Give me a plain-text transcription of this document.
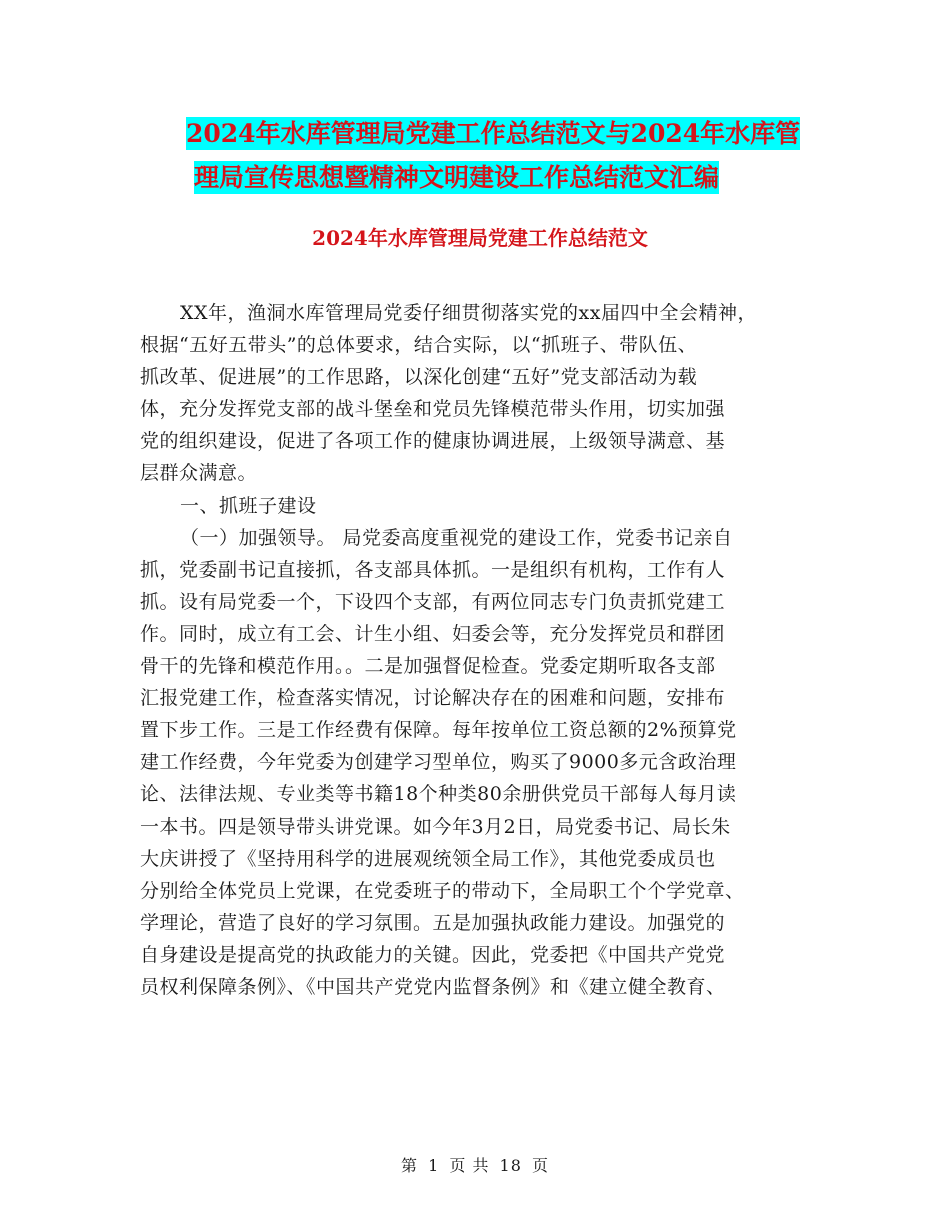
2024年水库管理局党建工作总结范文与2024年水库管
理局宣传思想暨精神文明建设工作总结范文汇编
2024年水库管理局党建工作总结范文
XX年，渔洞水库管理局党委仔细贯彻落实党的xx届四中全会精神，
根据“五好五带头”的总体要求，结合实际，以“抓班子、带队伍、
抓改革、促进展”的工作思路，以深化创建“五好”党支部活动为载
体，充分发挥党支部的战斗堡垒和党员先锋模范带头作用，切实加强
党的组织建设，促进了各项工作的健康协调进展，上级领导满意、基
层群众满意。
一、抓班子建设
（一）加强领导。 局党委高度重视党的建设工作，党委书记亲自
抓，党委副书记直接抓，各支部具体抓。一是组织有机构，工作有人
抓。设有局党委一个，下设四个支部，有两位同志专门负责抓党建工
作。同时，成立有工会、计生小组、妇委会等，充分发挥党员和群团
骨干的先锋和模范作用。。二是加强督促检查。党委定期听取各支部
汇报党建工作，检查落实情况，讨论解决存在的困难和问题，安排布
置下步工作。三是工作经费有保障。每年按单位工资总额的2%预算党
建工作经费，今年党委为创建学习型单位，购买了9000多元含政治理
论、法律法规、专业类等书籍18个种类80余册供党员干部每人每月读
一本书。四是领导带头讲党课。如今年3月2日，局党委书记、局长朱
大庆讲授了《坚持用科学的进展观统领全局工作》，其他党委成员也
分别给全体党员上党课，在党委班子的带动下，全局职工个个学党章、
学理论，营造了良好的学习氛围。五是加强执政能力建设。加强党的
自身建设是提高党的执政能力的关键。因此，党委把《中国共产党党
员权利保障条例》、《中国共产党党内监督条例》和《建立健全教育、
第 1 页 共 18 页
